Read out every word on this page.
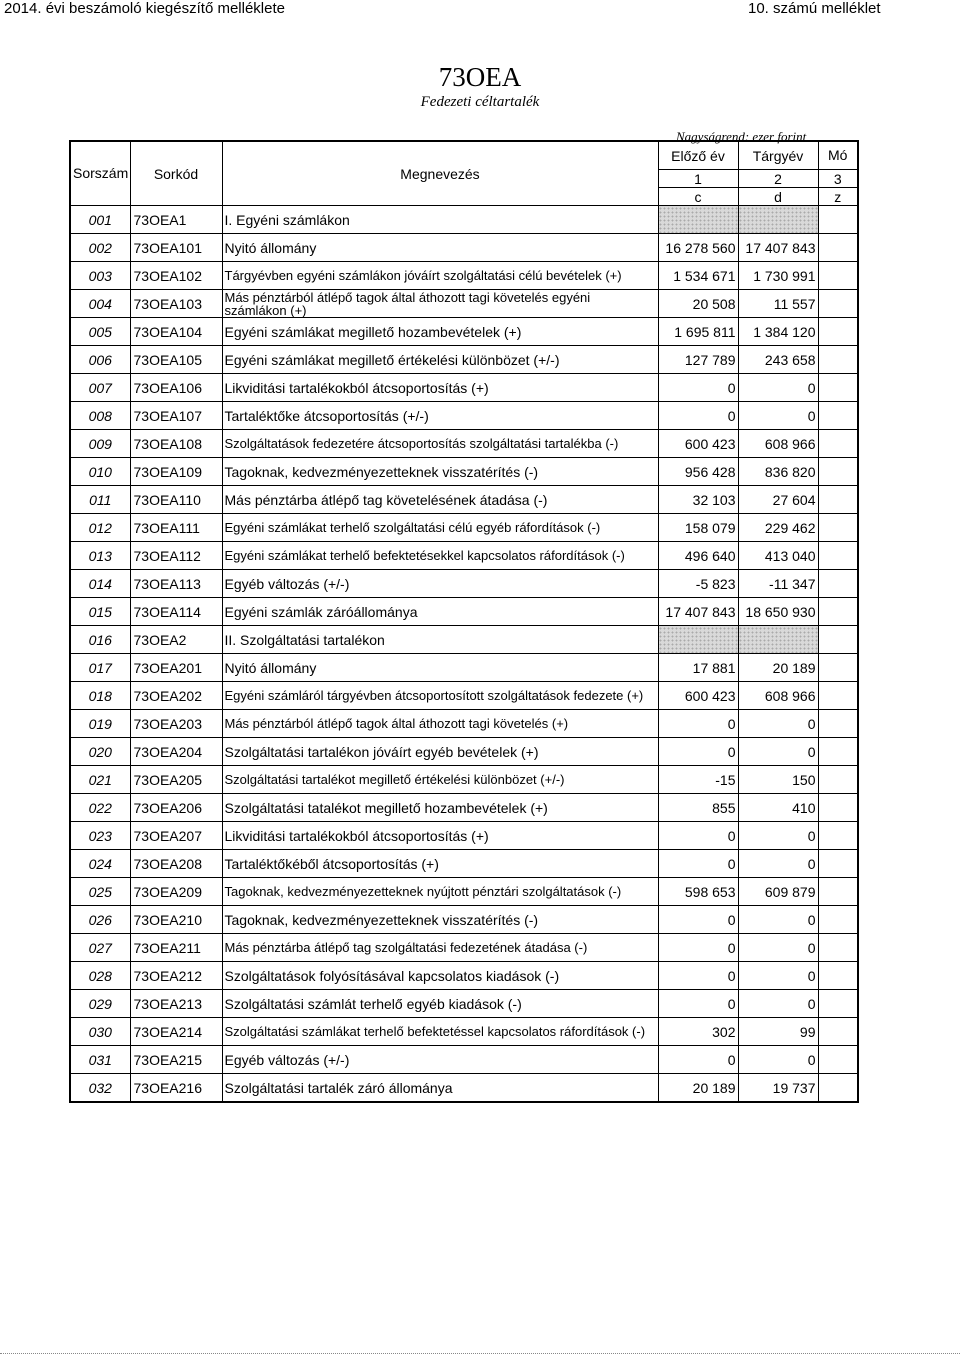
2014. évi beszámoló kiegészítő melléklete	10. számú melléklet
73OEA
Fedezeti céltartalék
Nagyságrend: ezer forint
Sorszám	Sorkód	Megnevezés	Előző év	Tárgyév	Mó
			1	2	3
			c	d	z
001	73OEA1	I. Egyéni számlákon			
002	73OEA101	Nyitó állomány	16 278 560	17 407 843	
003	73OEA102	Tárgyévben egyéni számlákon jóváírt szolgáltatási célú bevételek (+)	1 534 671	1 730 991	
004	73OEA103	Más pénztárból átlépő tagok által áthozott tagi követelés egyéni számlákon (+)	20 508	11 557	
005	73OEA104	Egyéni számlákat megillető hozambevételek (+)	1 695 811	1 384 120	
006	73OEA105	Egyéni számlákat megillető értékelési különbözet (+/-)	127 789	243 658	
007	73OEA106	Likviditási tartalékokból átcsoportosítás (+)	0	0	
008	73OEA107	Tartaléktőke átcsoportosítás (+/-)	0	0	
009	73OEA108	Szolgáltatások fedezetére átcsoportosítás szolgáltatási tartalékba (-)	600 423	608 966	
010	73OEA109	Tagoknak, kedvezményezetteknek visszatérítés (-)	956 428	836 820	
011	73OEA110	Más pénztárba átlépő tag követelésének átadása (-)	32 103	27 604	
012	73OEA111	Egyéni számlákat terhelő szolgáltatási célú egyéb ráfordítások (-)	158 079	229 462	
013	73OEA112	Egyéni számlákat terhelő befektetésekkel kapcsolatos ráfordítások (-)	496 640	413 040	
014	73OEA113	Egyéb változás (+/-)	-5 823	-11 347	
015	73OEA114	Egyéni számlák záróállománya	17 407 843	18 650 930	
016	73OEA2	II. Szolgáltatási tartalékon			
017	73OEA201	Nyitó állomány	17 881	20 189	
018	73OEA202	Egyéni számláról tárgyévben átcsoportosított szolgáltatások fedezete (+)	600 423	608 966	
019	73OEA203	Más pénztárból átlépő tagok által áthozott tagi követelés (+)	0	0	
020	73OEA204	Szolgáltatási tartalékon jóváírt egyéb bevételek (+)	0	0	
021	73OEA205	Szolgáltatási tartalékot megillető értékelési különbözet (+/-)	-15	150	
022	73OEA206	Szolgáltatási tatalékot megillető hozambevételek (+)	855	410	
023	73OEA207	Likviditási tartalékokból átcsoportosítás (+)	0	0	
024	73OEA208	Tartaléktőkéből átcsoportosítás (+)	0	0	
025	73OEA209	Tagoknak, kedvezményezetteknek nyújtott pénztári szolgáltatások (-)	598 653	609 879	
026	73OEA210	Tagoknak, kedvezményezetteknek visszatérítés (-)	0	0	
027	73OEA211	Más pénztárba átlépő tag szolgáltatási fedezetének átadása (-)	0	0	
028	73OEA212	Szolgáltatások folyósításával kapcsolatos kiadások (-)	0	0	
029	73OEA213	Szolgáltatási számlát terhelő egyéb kiadások (-)	0	0	
030	73OEA214	Szolgáltatási számlákat terhelő befektetéssel kapcsolatos ráfordítások (-)	302	99	
031	73OEA215	Egyéb változás (+/-)	0	0	
032	73OEA216	Szolgáltatási tartalék záró állománya	20 189	19 737	
